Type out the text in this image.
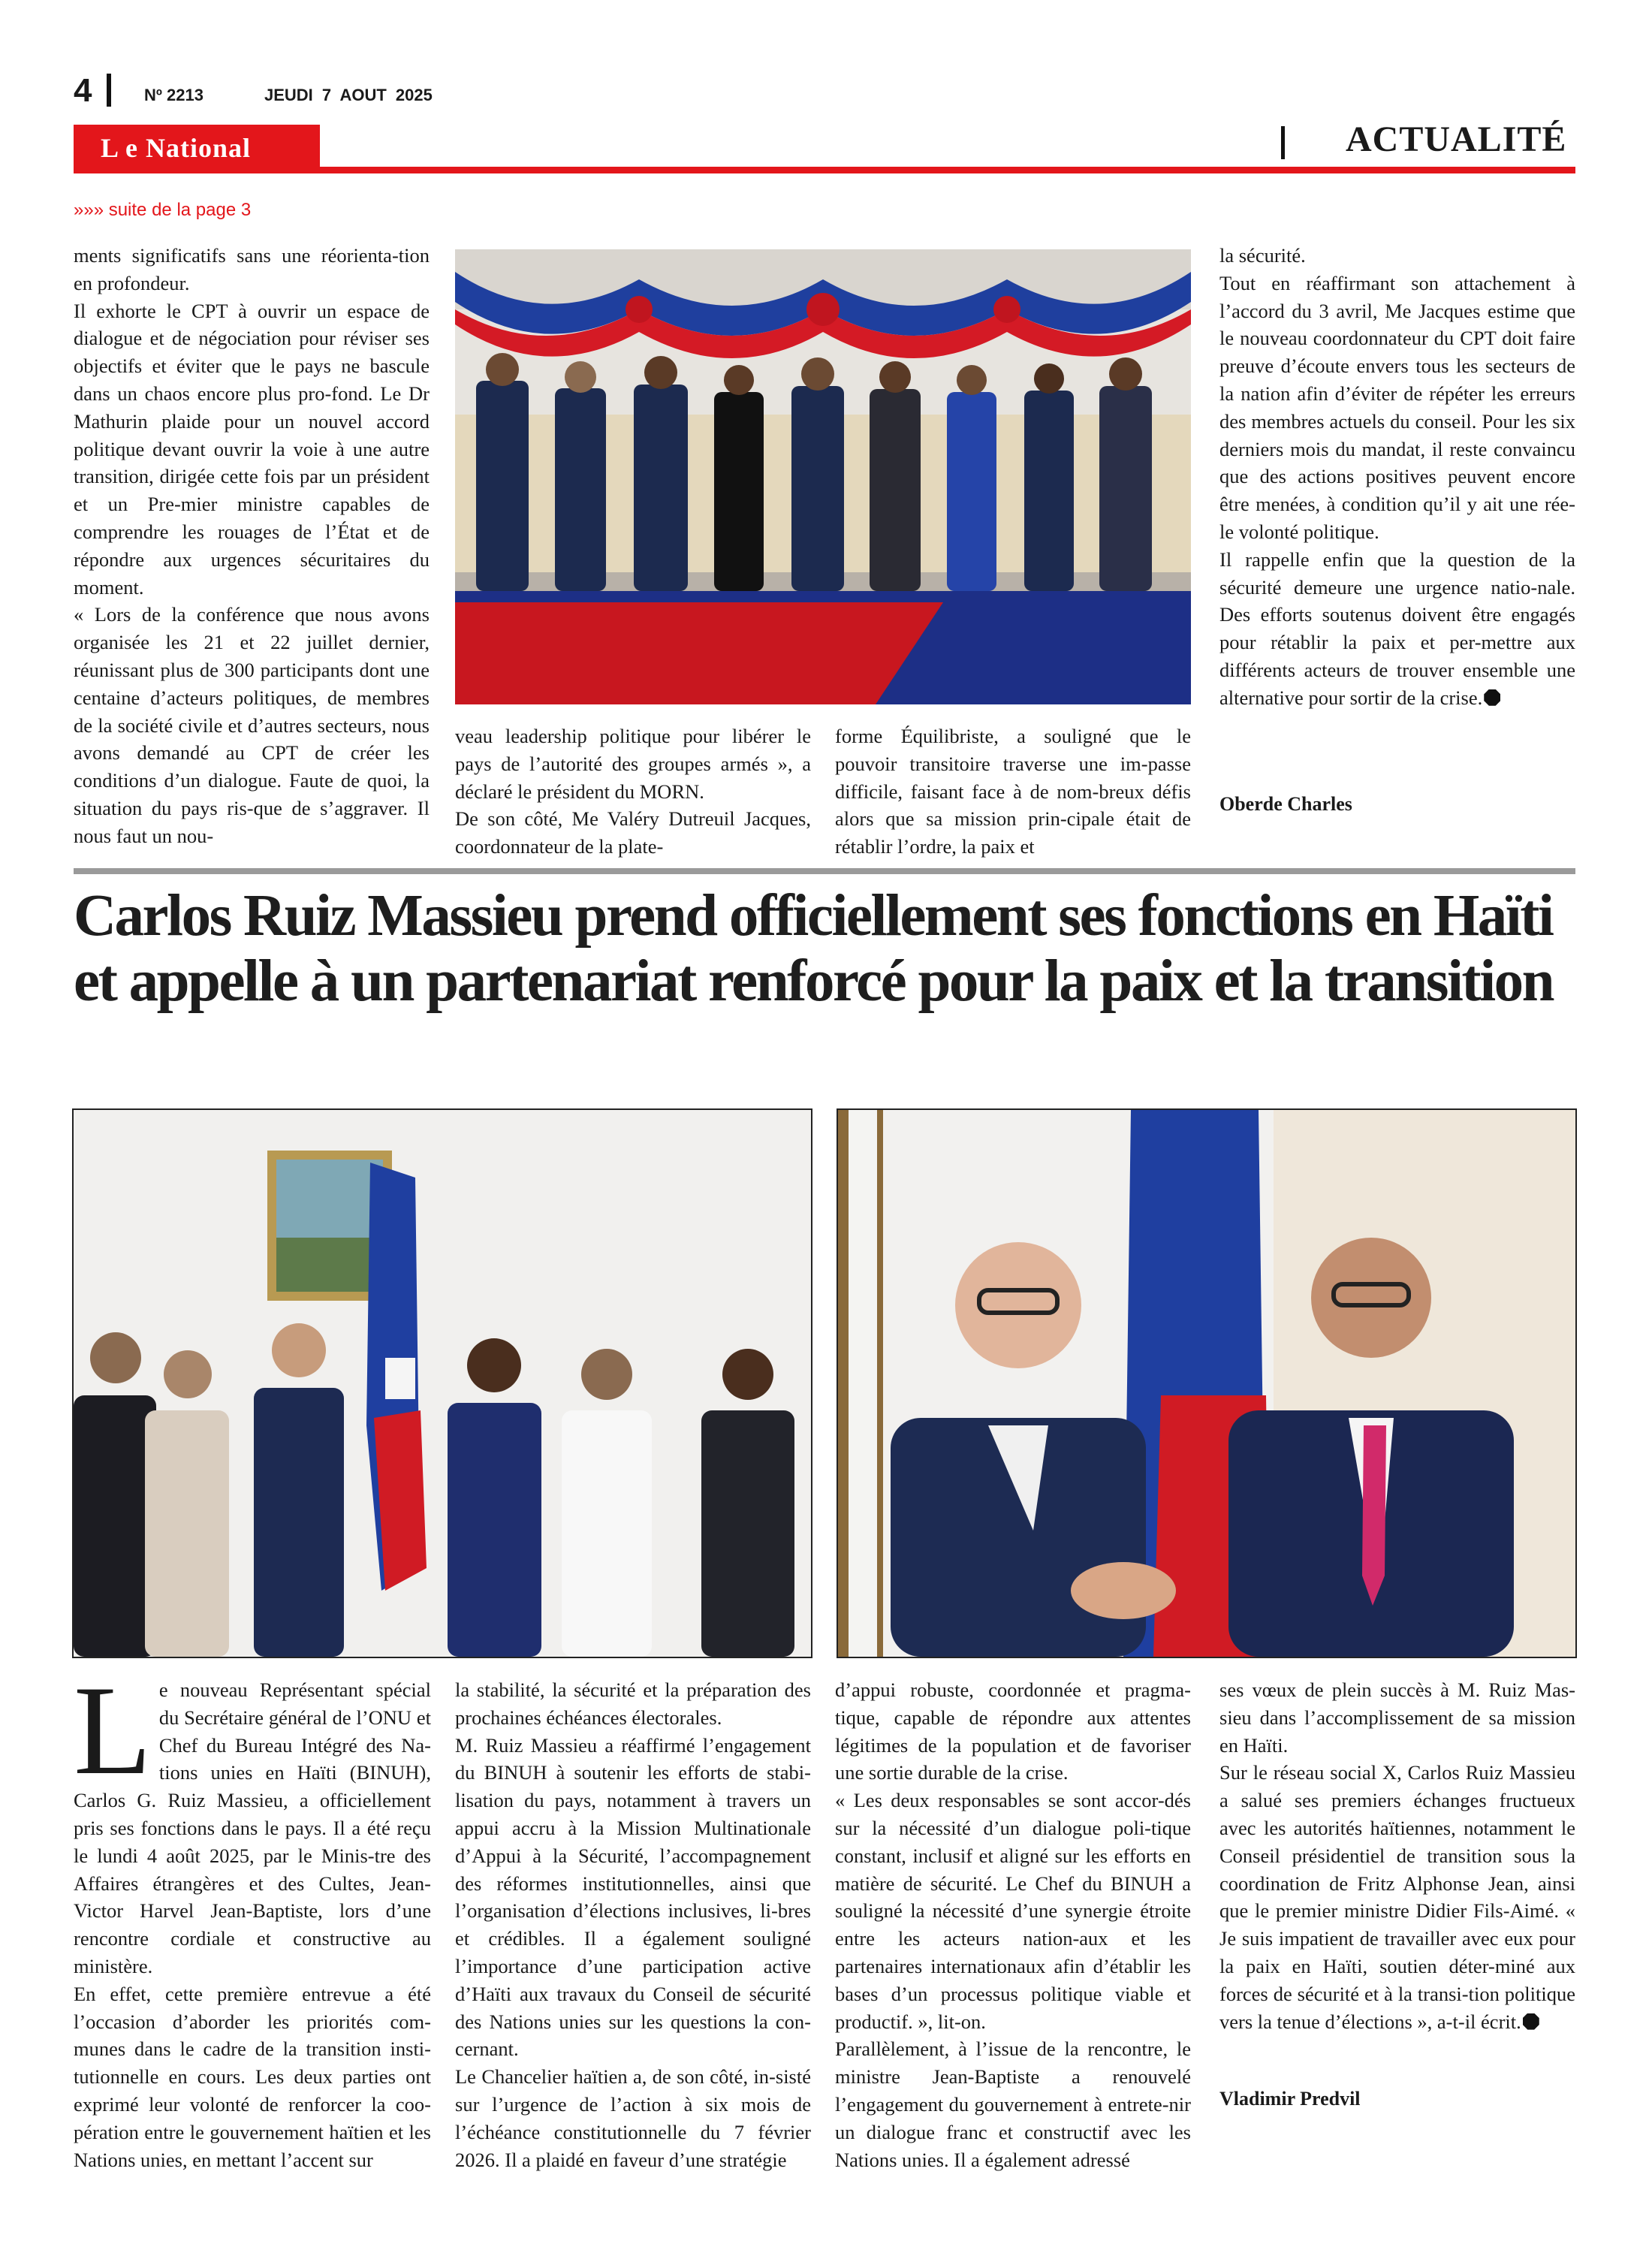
4	Nº 2213	JEUDI 7 AOUT 2025
L e National	ACTUALITÉ
»»» suite de la page 3

ments significatifs sans une réorienta-tion en profondeur.

Il exhorte le CPT à ouvrir un espace de dialogue et de négociation pour réviser ses objectifs et éviter que le pays ne bascule dans un chaos encore plus pro-fond. Le Dr Mathurin plaide pour un nouvel accord politique devant ouvrir la voie à une autre transition, dirigée cette fois par un président et un Pre-mier ministre capables de comprendre les rouages de l’État et de répondre aux urgences sécuritaires du moment.

« Lors de la conférence que nous avons organisée les 21 et 22 juillet dernier, réunissant plus de 300 participants dont une centaine d’acteurs politiques, de membres de la société civile et d’autres secteurs, nous avons demandé au CPT de créer les conditions d’un dialogue. Faute de quoi, la situation du pays ris-que de s’aggraver. Il nous faut un nou-

veau leadership politique pour libérer le pays de l’autorité des groupes armés », a déclaré le président du MORN.

De son côté, Me Valéry Dutreuil Jacques, coordonnateur de la plate-

forme Équilibriste, a souligné que le pouvoir transitoire traverse une im-passe difficile, faisant face à de nom-breux défis alors que sa mission prin-cipale était de rétablir l’ordre, la paix et

la sécurité.

Tout en réaffirmant son attachement à l’accord du 3 avril, Me Jacques estime que le nouveau coordonnateur du CPT doit faire preuve d’écoute envers tous les secteurs de la nation afin d’éviter de répéter les erreurs des membres actuels du conseil. Pour les six derniers mois du mandat, il reste convaincu que des actions positives peuvent encore être menées, à condition qu’il y ait une rée-le volonté politique.

Il rappelle enfin que la question de la sécurité demeure une urgence natio-nale. Des efforts soutenus doivent être engagés pour rétablir la paix et per-mettre aux différents acteurs de trouver ensemble une alternative pour sortir de la crise.

Oberde Charles
Carlos Ruiz Massieu prend officiellement ses fonctions en Haïti et appelle à un partenariat renforcé pour la paix et la transition

Le nouveau Représentant spécial du Secrétaire général de l’ONU et Chef du Bureau Intégré des Na-tions unies en Haïti (BINUH), Carlos G. Ruiz Massieu, a officiellement pris ses fonctions dans le pays. Il a été reçu le lundi 4 août 2025, par le Minis-tre des Affaires étrangères et des Cultes, Jean-Victor Harvel Jean-Baptiste, lors d’une rencontre cordiale et constructive au ministère.

En effet, cette première entrevue a été l’occasion d’aborder les priorités com-munes dans le cadre de la transition insti-tutionnelle en cours. Les deux parties ont exprimé leur volonté de renforcer la coo-pération entre le gouvernement haïtien et les Nations unies, en mettant l’accent sur

la stabilité, la sécurité et la préparation des prochaines échéances électorales.

M. Ruiz Massieu a réaffirmé l’engagement du BINUH à soutenir les efforts de stabi-lisation du pays, notamment à travers un appui accru à la Mission Multinationale d’Appui à la Sécurité, l’accompagnement des réformes institutionnelles, ainsi que l’organisation d’élections inclusives, li-bres et crédibles. Il a également souligné l’importance d’une participation active d’Haïti aux travaux du Conseil de sécurité des Nations unies sur les questions la con-cernant.

Le Chancelier haïtien a, de son côté, in-sisté sur l’urgence de l’action à six mois de l’échéance constitutionnelle du 7 février 2026. Il a plaidé en faveur d’une stratégie

d’appui robuste, coordonnée et pragma-tique, capable de répondre aux attentes légitimes de la population et de favoriser une sortie durable de la crise.

« Les deux responsables se sont accor-dés sur la nécessité d’un dialogue poli-tique constant, inclusif et aligné sur les efforts en matière de sécurité. Le Chef du BINUH a souligné la nécessité d’une synergie étroite entre les acteurs nation-aux et les partenaires internationaux afin d’établir les bases d’un processus politique viable et productif. », lit-on.

Parallèlement, à l’issue de la rencontre, le ministre Jean-Baptiste a renouvelé l’engagement du gouvernement à entrete-nir un dialogue franc et constructif avec les Nations unies. Il a également adressé

ses vœux de plein succès à M. Ruiz Mas-sieu dans l’accomplissement de sa mission en Haïti.

Sur le réseau social X, Carlos Ruiz Massieu a salué ses premiers échanges fructueux avec les autorités haïtiennes, notamment le Conseil présidentiel de transition sous la coordination de Fritz Alphonse Jean, ainsi que le premier ministre Didier Fils-Aimé. « Je suis impatient de travailler avec eux pour la paix en Haïti, soutien déter-miné aux forces de sécurité et à la transi-tion politique vers la tenue d’élections », a-t-il écrit.

Vladimir Predvil
